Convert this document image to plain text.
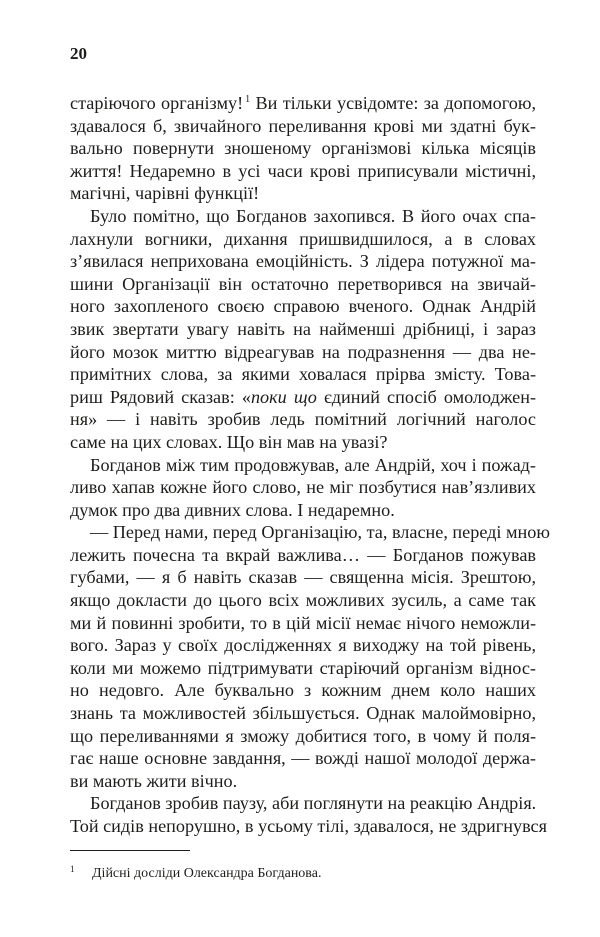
20
старіючого організму! $^1$ Ви тільки усвідомте: за допомогою,
здавалося б, звичайного переливання крові ми здатні бук-
вально повернути зношеному організмові кілька місяців
життя! Недаремно в усі часи крові приписували містичні,
магічні, чарівні функції!
Було помітно, що Богданов захопився. В його очах спа-
лахнули вогники, дихання пришвидшилося, а в словах
з’явилася неприхована емоційність. З лідера потужної ма-
шини Організації він остаточно перетворився на звичай-
ного захопленого своєю справою вченого. Однак Андрій
звик звертати увагу навіть на найменші дрібниці, і зараз
його мозок миттю відреагував на подразнення — два не-
примітних слова, за якими ховалася прірва змісту. Това-
риш Рядовий сказав: «поки що єдиний спосіб омолоджен-
ня» — і навіть зробив ледь помітний логічний наголос
саме на цих словах. Що він мав на увазі?
Богданов між тим продовжував, але Андрій, хоч і пожад-
ливо хапав кожне його слово, не міг позбутися нав’язливих
думок про два дивних слова. І недаремно.
— Перед нами, перед Організацію, та, власне, переді мною
лежить почесна та вкрай важлива… — Богданов пожував
губами, — я б навіть сказав — священна місія. Зрештою,
якщо докласти до цього всіх можливих зусиль, а саме так
ми й повинні зробити, то в цій місії немає нічого неможли-
вого. Зараз у своїх дослідженнях я виходжу на той рівень,
коли ми можемо підтримувати старіючий організм віднос-
но недовго. Але буквально з кожним днем коло наших
знань та можливостей збільшується. Однак малоймовірно,
що переливаннями я зможу добитися того, в чому й поля-
гає наше основне завдання, — вожді нашої молодої держа-
ви мають жити вічно.
Богданов зробив паузу, аби поглянути на реакцію Андрія.
Той сидів непорушно, в усьому тілі, здавалося, не здригнувся
1 Дійсні досліди Олександра Богданова.
